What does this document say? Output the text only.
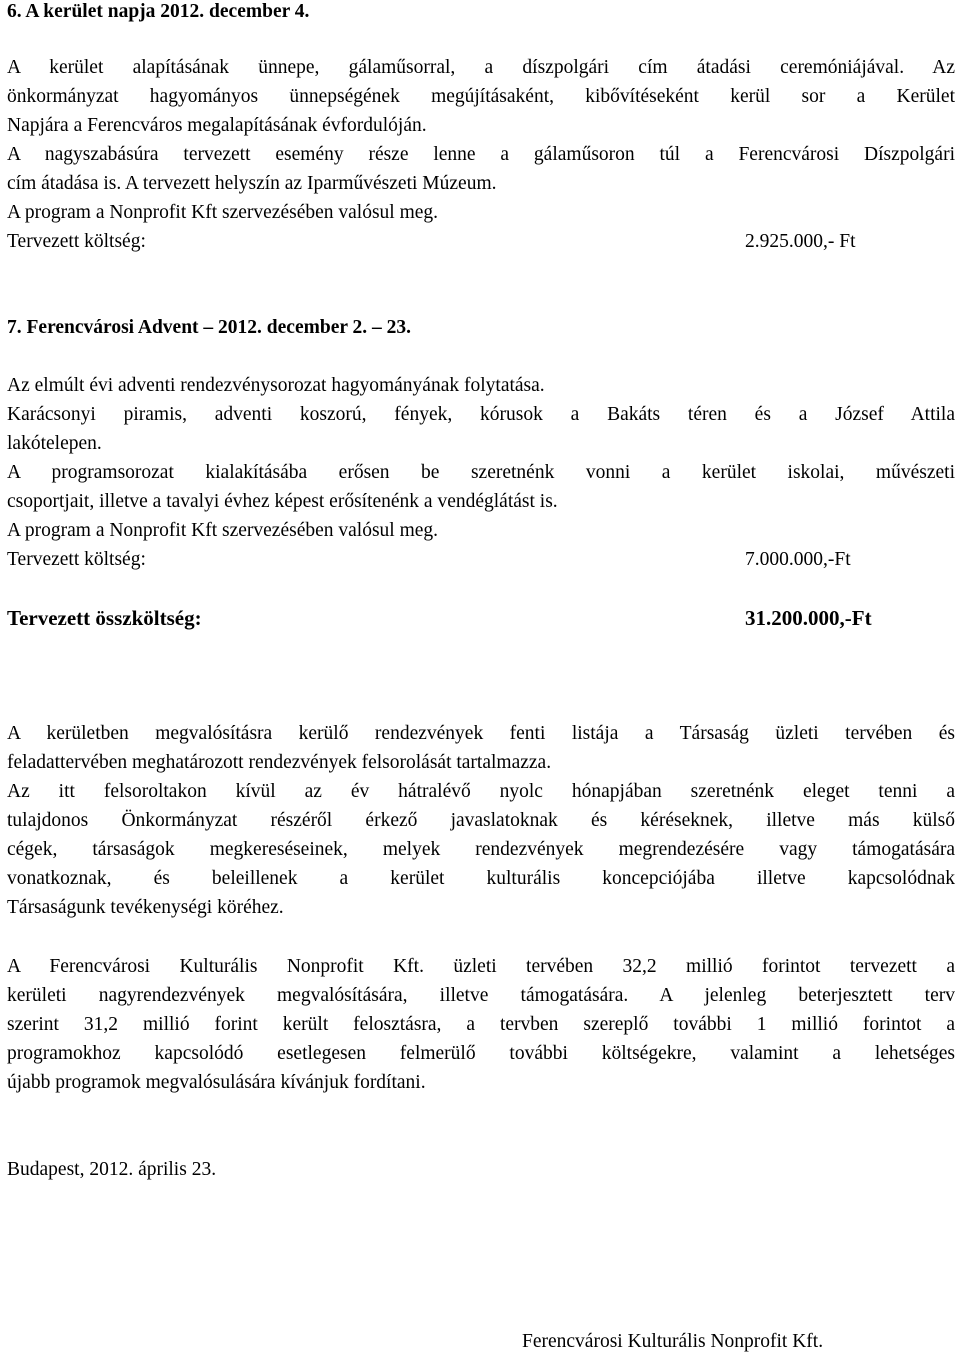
6. A kerület napja 2012. december 4.
A kerület alapításának ünnepe, gálaműsorral, a díszpolgári cím átadási ceremóniájával. Az
önkormányzat hagyományos ünnepségének megújításaként, kibővítéseként kerül sor a Kerület
Napjára a Ferencváros megalapításának évfordulóján.
A nagyszabásúra tervezett esemény része lenne a gálaműsoron túl a Ferencvárosi Díszpolgári
cím átadása is. A tervezett helyszín az Iparművészeti Múzeum.
A program a Nonprofit Kft szervezésében valósul meg.
Tervezett költség:	2.925.000,- Ft
7. Ferencvárosi Advent – 2012. december 2. – 23.
Az elmúlt évi adventi rendezvénysorozat hagyományának folytatása.
Karácsonyi piramis, adventi koszorú, fények, kórusok a Bakáts téren és a József Attila
lakótelepen.
A programsorozat kialakításába erősen be szeretnénk vonni a kerület iskolai, művészeti
csoportjait, illetve a tavalyi évhez képest erősítenénk a vendéglátást is.
A program a Nonprofit Kft szervezésében valósul meg.
Tervezett költség:	7.000.000,-Ft
Tervezett összköltség:	31.200.000,-Ft
A kerületben megvalósításra kerülő rendezvények fenti listája a Társaság üzleti tervében és
feladattervében meghatározott rendezvények felsorolását tartalmazza.
Az itt felsoroltakon kívül az év hátralévő nyolc hónapjában szeretnénk eleget tenni a
tulajdonos Önkormányzat részéről érkező javaslatoknak és kéréseknek, illetve más külső
cégek, társaságok megkereséseinek, melyek rendezvények megrendezésére vagy támogatására
vonatkoznak, és beleillenek a kerület kulturális koncepciójába illetve kapcsolódnak
Társaságunk tevékenységi köréhez.
A Ferencvárosi Kulturális Nonprofit Kft. üzleti tervében 32,2 millió forintot tervezett a
kerületi nagyrendezvények megvalósítására, illetve támogatására. A jelenleg beterjesztett terv
szerint 31,2 millió forint került felosztásra, a tervben szereplő további 1 millió forintot a
programokhoz kapcsolódó esetlegesen felmerülő további költségekre, valamint a lehetséges
újabb programok megvalósulására kívánjuk fordítani.
Budapest, 2012. április 23.
Ferencvárosi Kulturális Nonprofit Kft.
